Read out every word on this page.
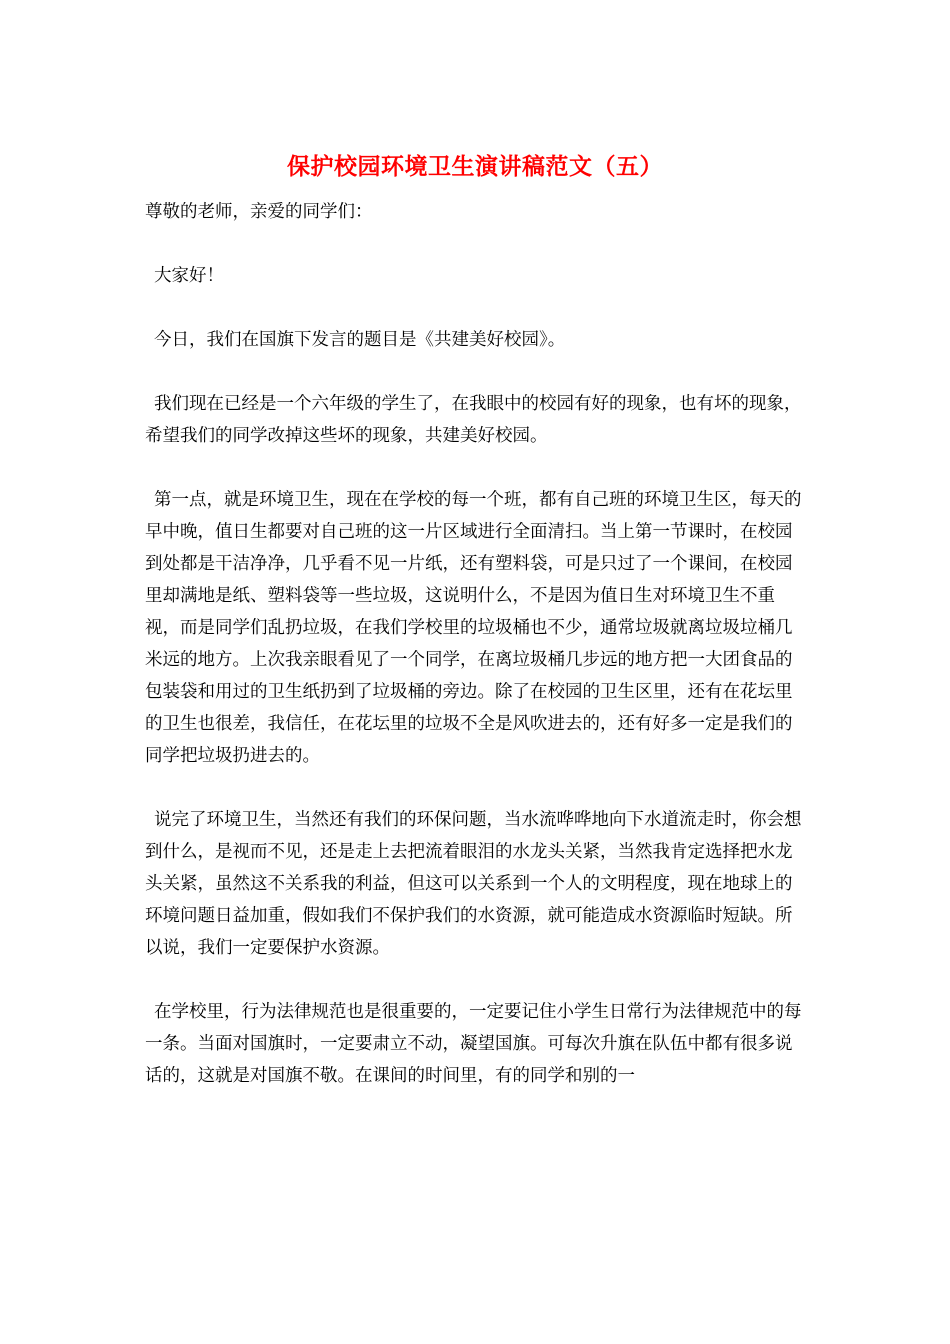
保护校园环境卫生演讲稿范文（五）

尊敬的老师，亲爱的同学们：

大家好！

今日，我们在国旗下发言的题目是《共建美好校园》。

我们现在已经是一个六年级的学生了，在我眼中的校园有好的现象，也有坏的现象，希望我们的同学改掉这些坏的现象，共建美好校园。

第一点，就是环境卫生，现在在学校的每一个班，都有自己班的环境卫生区，每天的早中晚，值日生都要对自己班的这一片区域进行全面清扫。当上第一节课时，在校园到处都是干洁净净，几乎看不见一片纸，还有塑料袋，可是只过了一个课间，在校园里却满地是纸、塑料袋等一些垃圾，这说明什么，不是因为值日生对环境卫生不重视，而是同学们乱扔垃圾，在我们学校里的垃圾桶也不少，通常垃圾就离垃圾垃桶几米远的地方。上次我亲眼看见了一个同学，在离垃圾桶几步远的地方把一大团食品的包装袋和用过的卫生纸扔到了垃圾桶的旁边。除了在校园的卫生区里，还有在花坛里的卫生也很差，我信任，在花坛里的垃圾不全是风吹进去的，还有好多一定是我们的同学把垃圾扔进去的。

说完了环境卫生，当然还有我们的环保问题，当水流哗哗地向下水道流走时，你会想到什么，是视而不见，还是走上去把流着眼泪的水龙头关紧，当然我肯定选择把水龙头关紧，虽然这不关系我的利益，但这可以关系到一个人的文明程度，现在地球上的环境问题日益加重，假如我们不保护我们的水资源，就可能造成水资源临时短缺。所以说，我们一定要保护水资源。

在学校里，行为法律规范也是很重要的，一定要记住小学生日常行为法律规范中的每一条。当面对国旗时，一定要肃立不动，凝望国旗。可每次升旗在队伍中都有很多说话的，这就是对国旗不敬。在课间的时间里，有的同学和别的一
